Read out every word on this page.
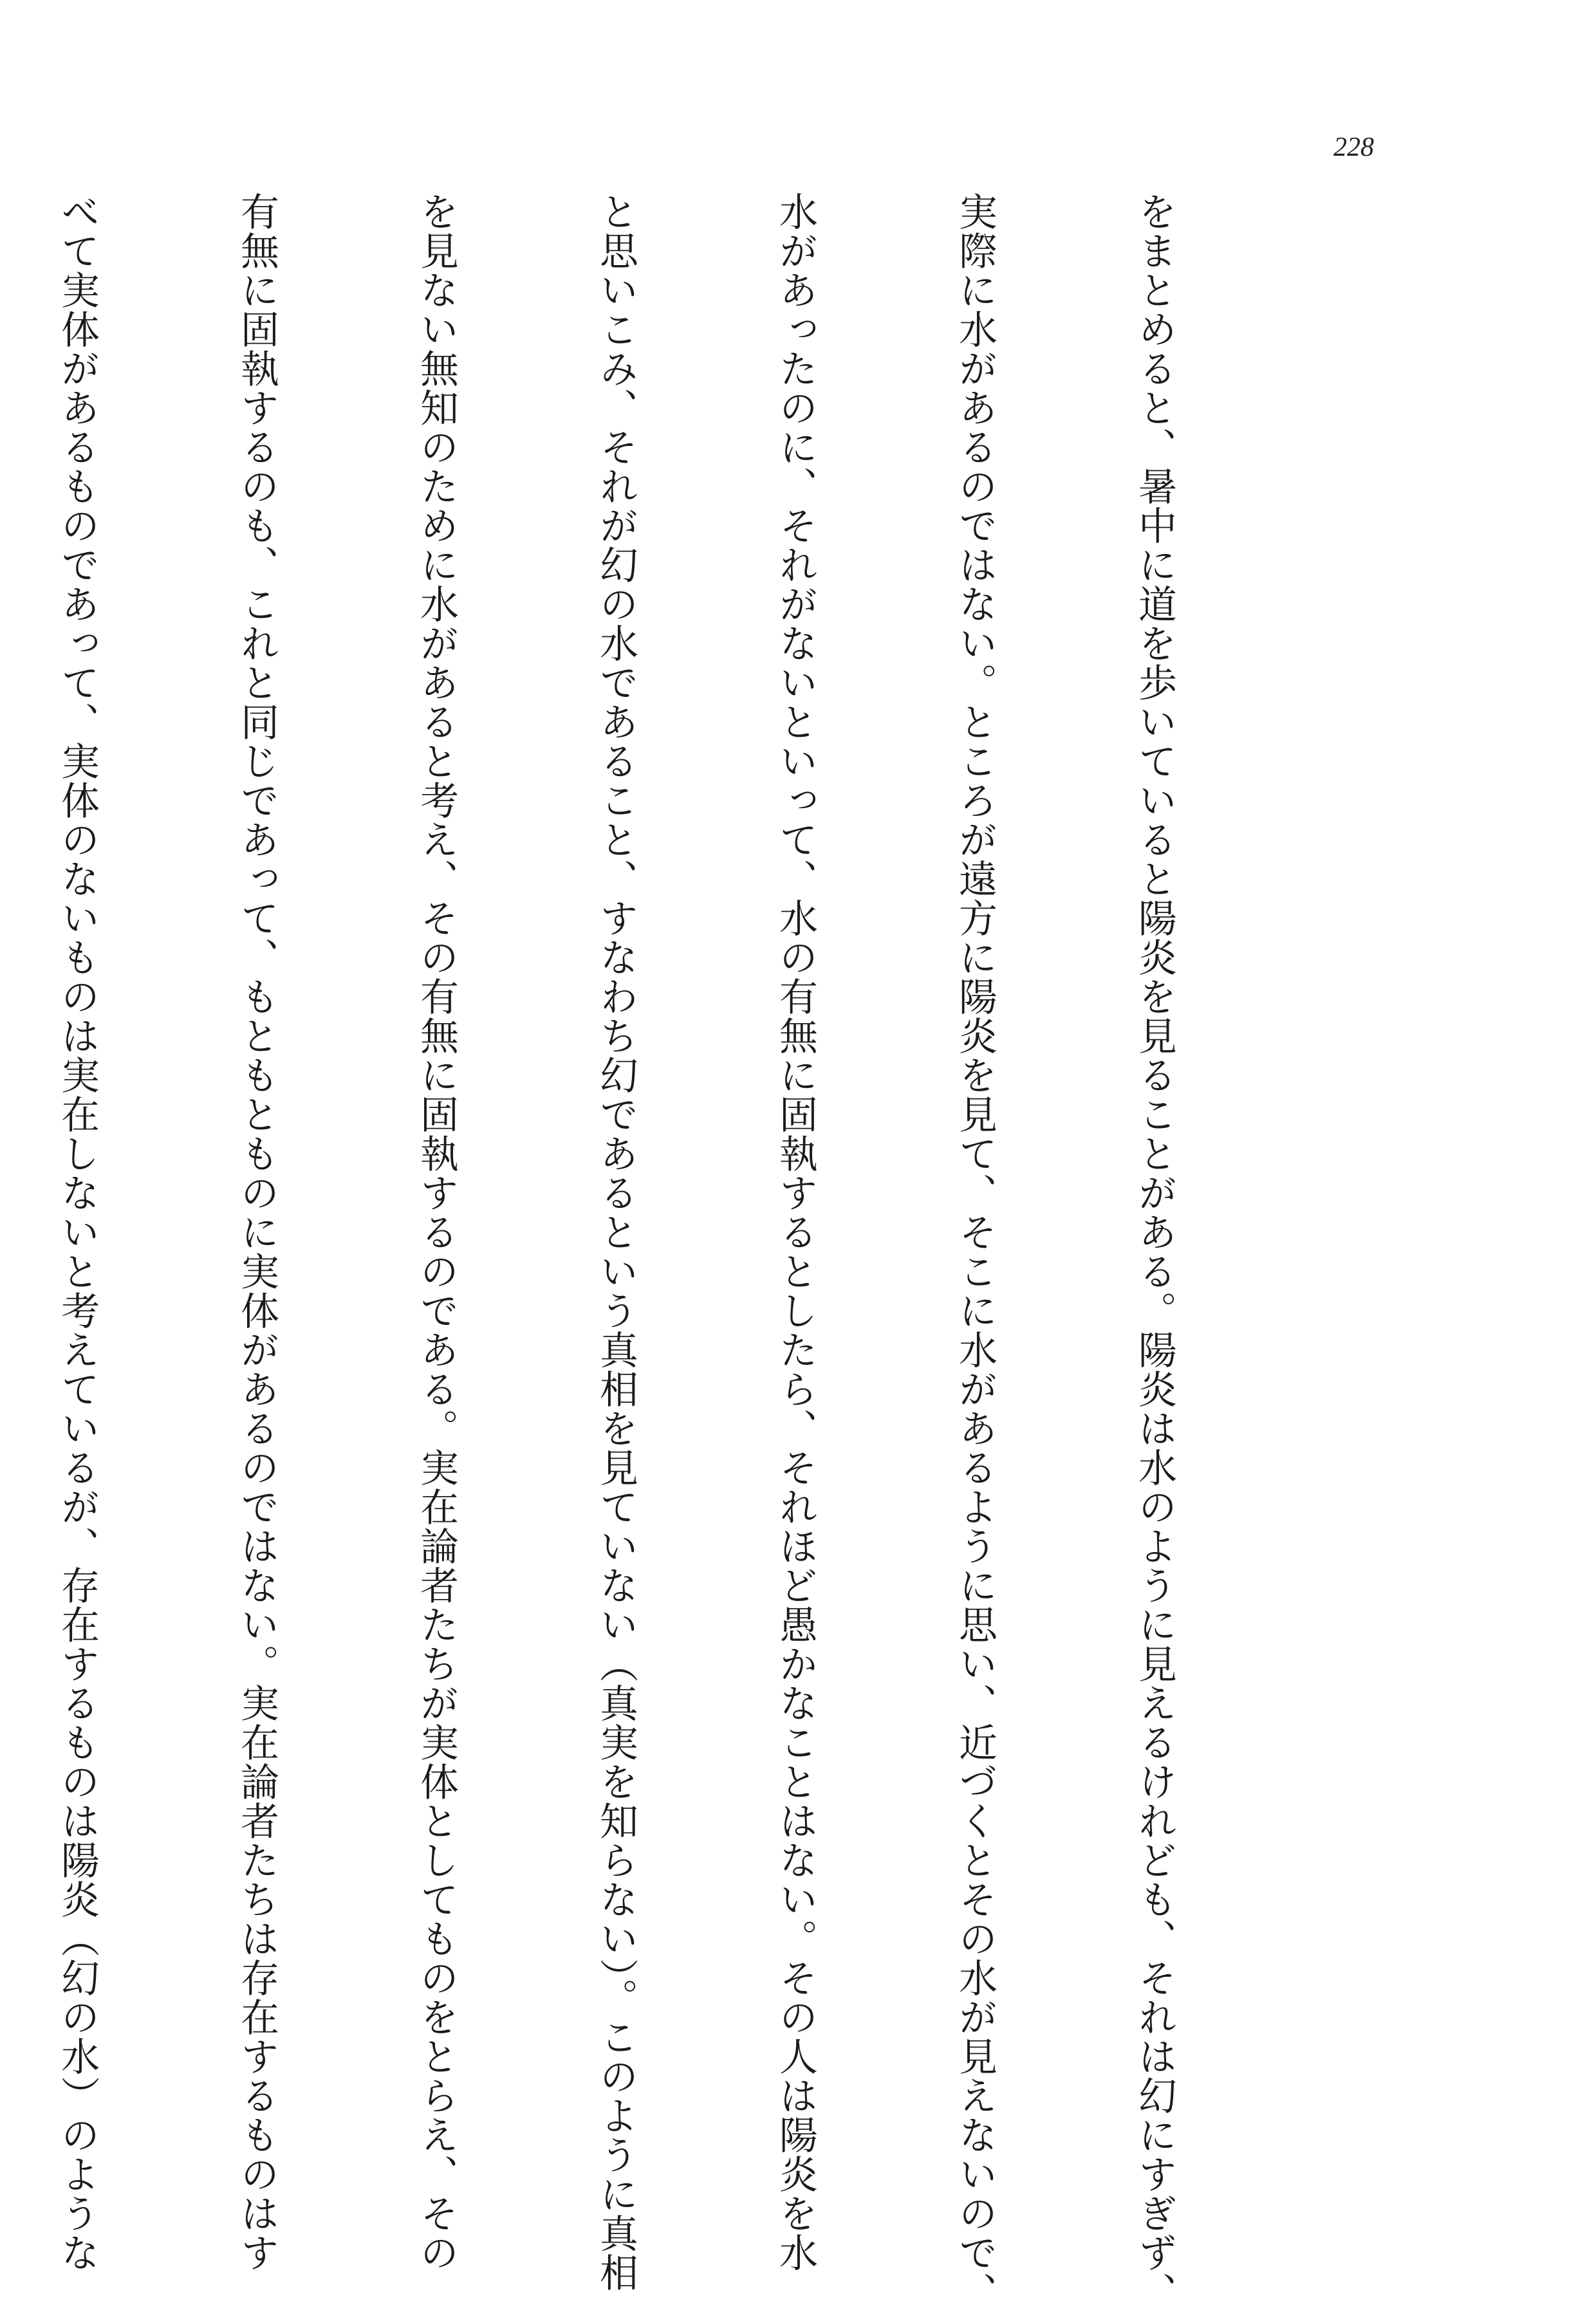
228

をまとめると、暑中に道を歩いていると陽炎を見ることがある。陽炎は水のように見えるけれども、それは幻にすぎず、

実際に水があるのではない。ところが遠方に陽炎を見て、そこに水があるように思い、近づくとその水が見えないので、

水があったのに、それがないといって、水の有無に固執するとしたら、それほど愚かなことはない。その人は陽炎を水

と思いこみ、それが幻の水であること、すなわち幻であるという真相を見ていない（真実を知らない）。このように真相

を見ない無知のために水があると考え、その有無に固執するのである。実在論者たちが実体としてものをとらえ、その

有無に固執するのも、これと同じであって、もともとものに実体があるのではない。実在論者たちは存在するものはす

べて実体があるものであって、実体のないものは実在しないと考えているが、存在するものは陽炎（幻の水）のような
